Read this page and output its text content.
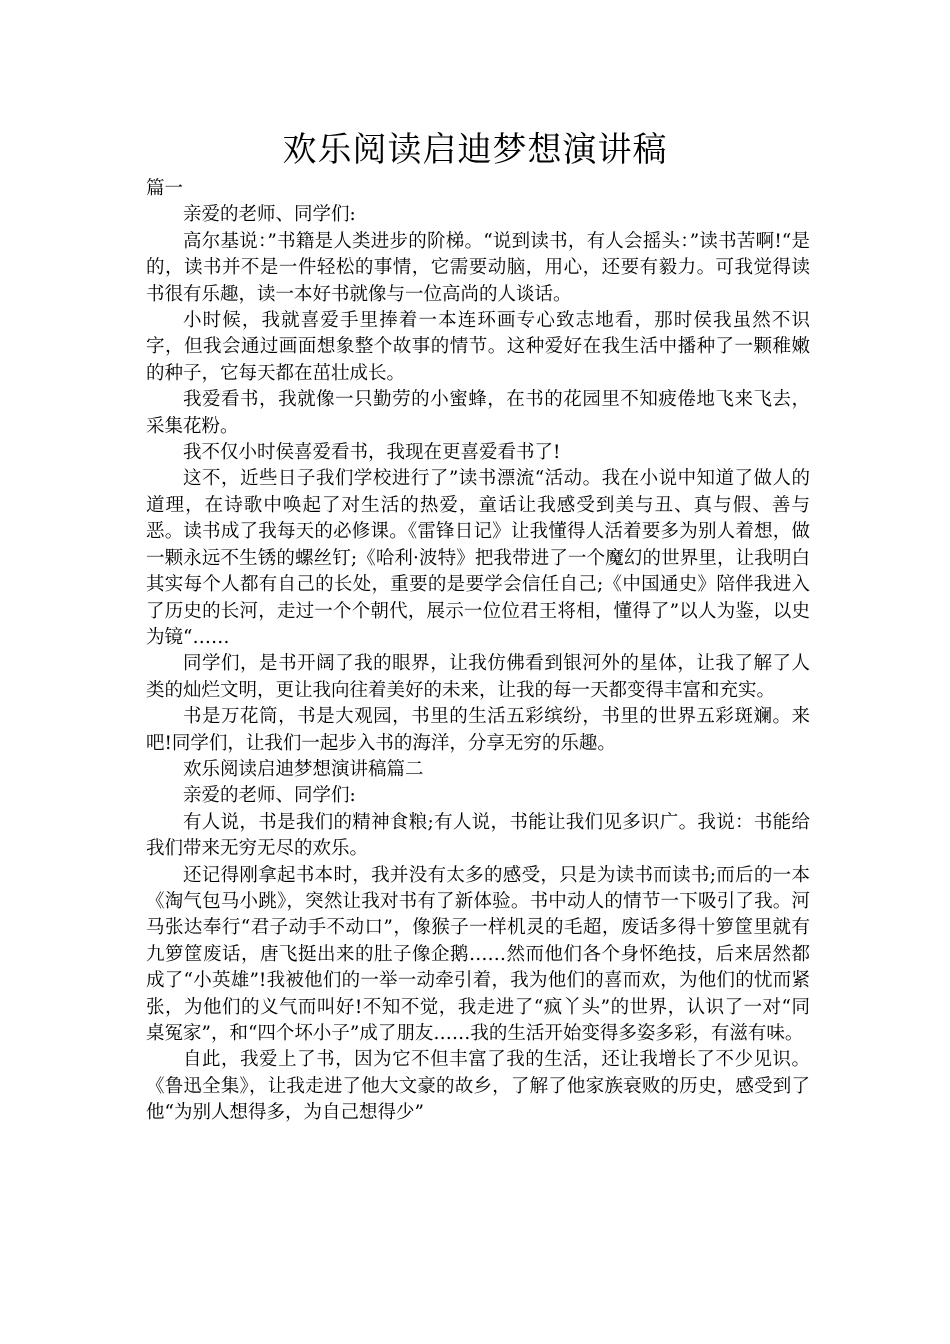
欢乐阅读启迪梦想演讲稿

篇一

亲爱的老师、同学们:

高尔基说：”书籍是人类进步的阶梯。“说到读书，有人会摇头：”读书苦啊!“是的，读书并不是一件轻松的事情，它需要动脑，用心，还要有毅力。可我觉得读书很有乐趣，读一本好书就像与一位高尚的人谈话。

小时候，我就喜爱手里捧着一本连环画专心致志地看，那时侯我虽然不识字，但我会通过画面想象整个故事的情节。这种爱好在我生活中播种了一颗稚嫩的种子，它每天都在茁壮成长。

我爱看书，我就像一只勤劳的小蜜蜂，在书的花园里不知疲倦地飞来飞去，采集花粉。

我不仅小时侯喜爱看书，我现在更喜爱看书了!

这不，近些日子我们学校进行了”读书漂流“活动。我在小说中知道了做人的道理，在诗歌中唤起了对生活的热爱，童话让我感受到美与丑、真与假、善与恶。读书成了我每天的必修课。《雷锋日记》让我懂得人活着要多为别人着想，做一颗永远不生锈的螺丝钉;《哈利·波特》把我带进了一个魔幻的世界里，让我明白其实每个人都有自己的长处，重要的是要学会信任自己;《中国通史》陪伴我进入了历史的长河，走过一个个朝代，展示一位位君王将相，懂得了”以人为鉴，以史为镜“……

同学们，是书开阔了我的眼界，让我仿佛看到银河外的星体，让我了解了人类的灿烂文明，更让我向往着美好的未来，让我的每一天都变得丰富和充实。

书是万花筒，书是大观园，书里的生活五彩缤纷，书里的世界五彩斑斓。来吧!同学们，让我们一起步入书的海洋，分享无穷的乐趣。

欢乐阅读启迪梦想演讲稿篇二

亲爱的老师、同学们:

有人说，书是我们的精神食粮;有人说，书能让我们见多识广。我说：书能给我们带来无穷无尽的欢乐。

还记得刚拿起书本时，我并没有太多的感受，只是为读书而读书;而后的一本《淘气包马小跳》，突然让我对书有了新体验。书中动人的情节一下吸引了我。河马张达奉行“君子动手不动口”，像猴子一样机灵的毛超，废话多得十箩筐里就有九箩筐废话，唐飞挺出来的肚子像企鹅……然而他们各个身怀绝技，后来居然都成了“小英雄”!我被他们的一举一动牵引着，我为他们的喜而欢，为他们的忧而紧张，为他们的义气而叫好!不知不觉，我走进了“疯丫头”的世界，认识了一对“同桌冤家”，和“四个坏小子”成了朋友……我的生活开始变得多姿多彩，有滋有味。

自此，我爱上了书，因为它不但丰富了我的生活，还让我增长了不少见识。《鲁迅全集》，让我走进了他大文豪的故乡，了解了他家族衰败的历史，感受到了他“为别人想得多，为自己想得少”
